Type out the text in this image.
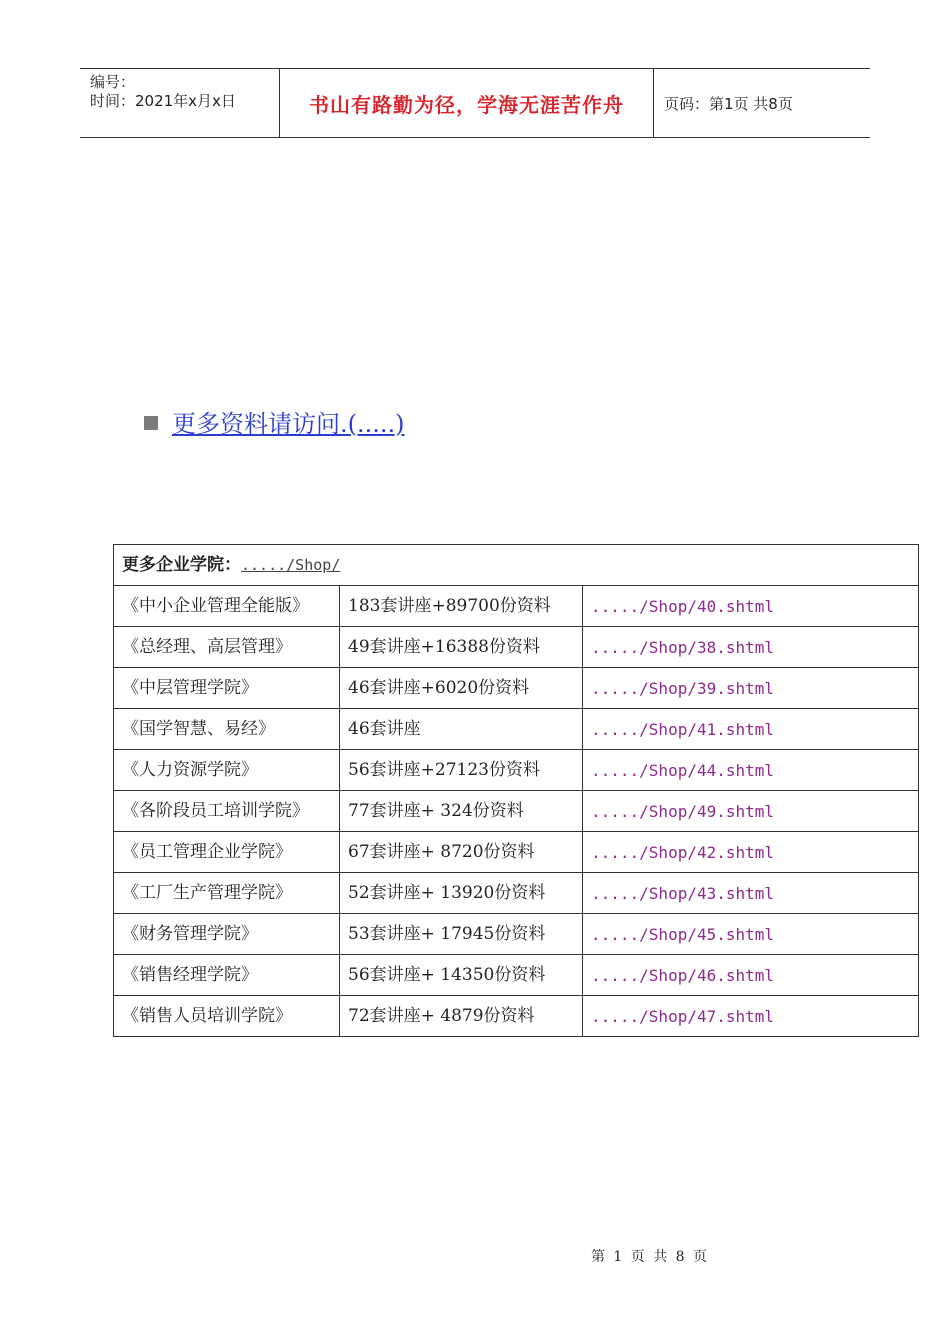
编号：
时间：2021年x月x日	书山有路勤为径，学海无涯苦作舟	页码：第1页 共8页
更多资料请访问.(.....)
更多企业学院：...../Shop/		
《中小企业管理全能版》	183套讲座+89700份资料	...../Shop/40.shtml
《总经理、高层管理》	49套讲座+16388份资料	...../Shop/38.shtml
《中层管理学院》	46套讲座+6020份资料	...../Shop/39.shtml
《国学智慧、易经》	46套讲座	...../Shop/41.shtml
《人力资源学院》	56套讲座+27123份资料	...../Shop/44.shtml
《各阶段员工培训学院》	77套讲座+ 324份资料	...../Shop/49.shtml
《员工管理企业学院》	67套讲座+ 8720份资料	...../Shop/42.shtml
《工厂生产管理学院》	52套讲座+ 13920份资料	...../Shop/43.shtml
《财务管理学院》	53套讲座+ 17945份资料	...../Shop/45.shtml
《销售经理学院》	56套讲座+ 14350份资料	...../Shop/46.shtml
《销售人员培训学院》	72套讲座+ 4879份资料	...../Shop/47.shtml
第 1 页 共 8 页
